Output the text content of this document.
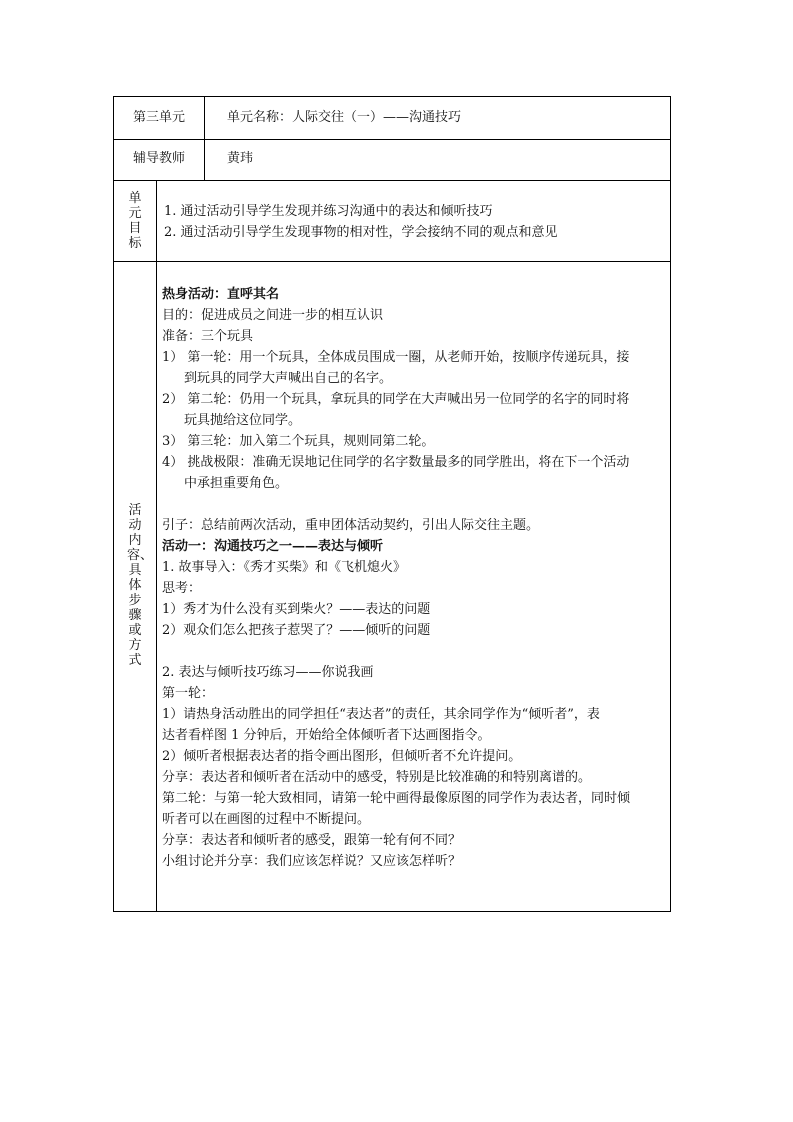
第三单元	单元名称：人际交往（一）——沟通技巧
辅导教师	黄玮
单元目标
1. 通过活动引导学生发现并练习沟通中的表达和倾听技巧
2. 通过活动引导学生发现事物的相对性，学会接纳不同的观点和意见
活动内容、具体步骤或方式
热身活动：直呼其名
目的：促进成员之间进一步的相互认识
准备：三个玩具
1） 第一轮：用一个玩具，全体成员围成一圈，从老师开始，按顺序传递玩具，接
到玩具的同学大声喊出自己的名字。
2） 第二轮：仍用一个玩具，拿玩具的同学在大声喊出另一位同学的名字的同时将
玩具抛给这位同学。
3） 第三轮：加入第二个玩具，规则同第二轮。
4） 挑战极限：准确无误地记住同学的名字数量最多的同学胜出，将在下一个活动
中承担重要角色。
引子：总结前两次活动，重申团体活动契约，引出人际交往主题。
活动一：沟通技巧之一——表达与倾听
1. 故事导入：《秀才买柴》和《飞机熄火》
思考：
1）秀才为什么没有买到柴火？——表达的问题
2）观众们怎么把孩子惹哭了？——倾听的问题
2. 表达与倾听技巧练习——你说我画
第一轮：
1）请热身活动胜出的同学担任“表达者”的责任，其余同学作为“倾听者”，表
达者看样图 1 分钟后，开始给全体倾听者下达画图指令。
2）倾听者根据表达者的指令画出图形，但倾听者不允许提问。
分享：表达者和倾听者在活动中的感受，特别是比较准确的和特别离谱的。
第二轮：与第一轮大致相同，请第一轮中画得最像原图的同学作为表达者，同时倾
听者可以在画图的过程中不断提问。
分享：表达者和倾听者的感受，跟第一轮有何不同？
小组讨论并分享：我们应该怎样说？又应该怎样听？
